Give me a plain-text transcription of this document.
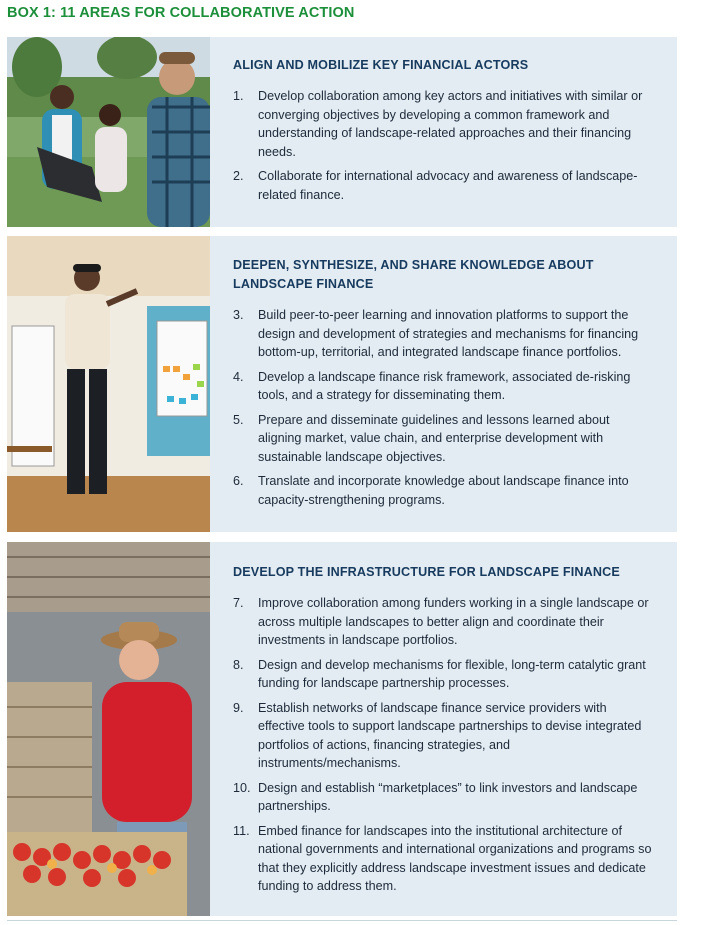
BOX 1: 11 AREAS FOR COLLABORATIVE ACTION
ALIGN AND MOBILIZE KEY FINANCIAL ACTORS
1. Develop collaboration among key actors and initiatives with similar or converging objectives by developing a common framework and understanding of landscape-related approaches and their financing needs.
2. Collaborate for international advocacy and awareness of landscape-related finance.
DEEPEN, SYNTHESIZE, AND SHARE KNOWLEDGE ABOUT LANDSCAPE FINANCE
3. Build peer-to-peer learning and innovation platforms to support the design and development of strategies and mechanisms for financing bottom-up, territorial, and integrated landscape finance portfolios.
4. Develop a landscape finance risk framework, associated de-risking tools, and a strategy for disseminating them.
5. Prepare and disseminate guidelines and lessons learned about aligning market, value chain, and enterprise development with sustainable landscape objectives.
6. Translate and incorporate knowledge about landscape finance into capacity-strengthening programs.
DEVELOP THE INFRASTRUCTURE FOR LANDSCAPE FINANCE
7. Improve collaboration among funders working in a single landscape or across multiple landscapes to better align and coordinate their investments in landscape portfolios.
8. Design and develop mechanisms for flexible, long-term catalytic grant funding for landscape partnership processes.
9. Establish networks of landscape finance service providers with effective tools to support landscape partnerships to devise integrated portfolios of actions, financing strategies, and instruments/mechanisms.
10. Design and establish “marketplaces” to link investors and landscape partnerships.
11. Embed finance for landscapes into the institutional architecture of national governments and international organizations and programs so that they explicitly address landscape investment issues and dedicate funding to address them.
